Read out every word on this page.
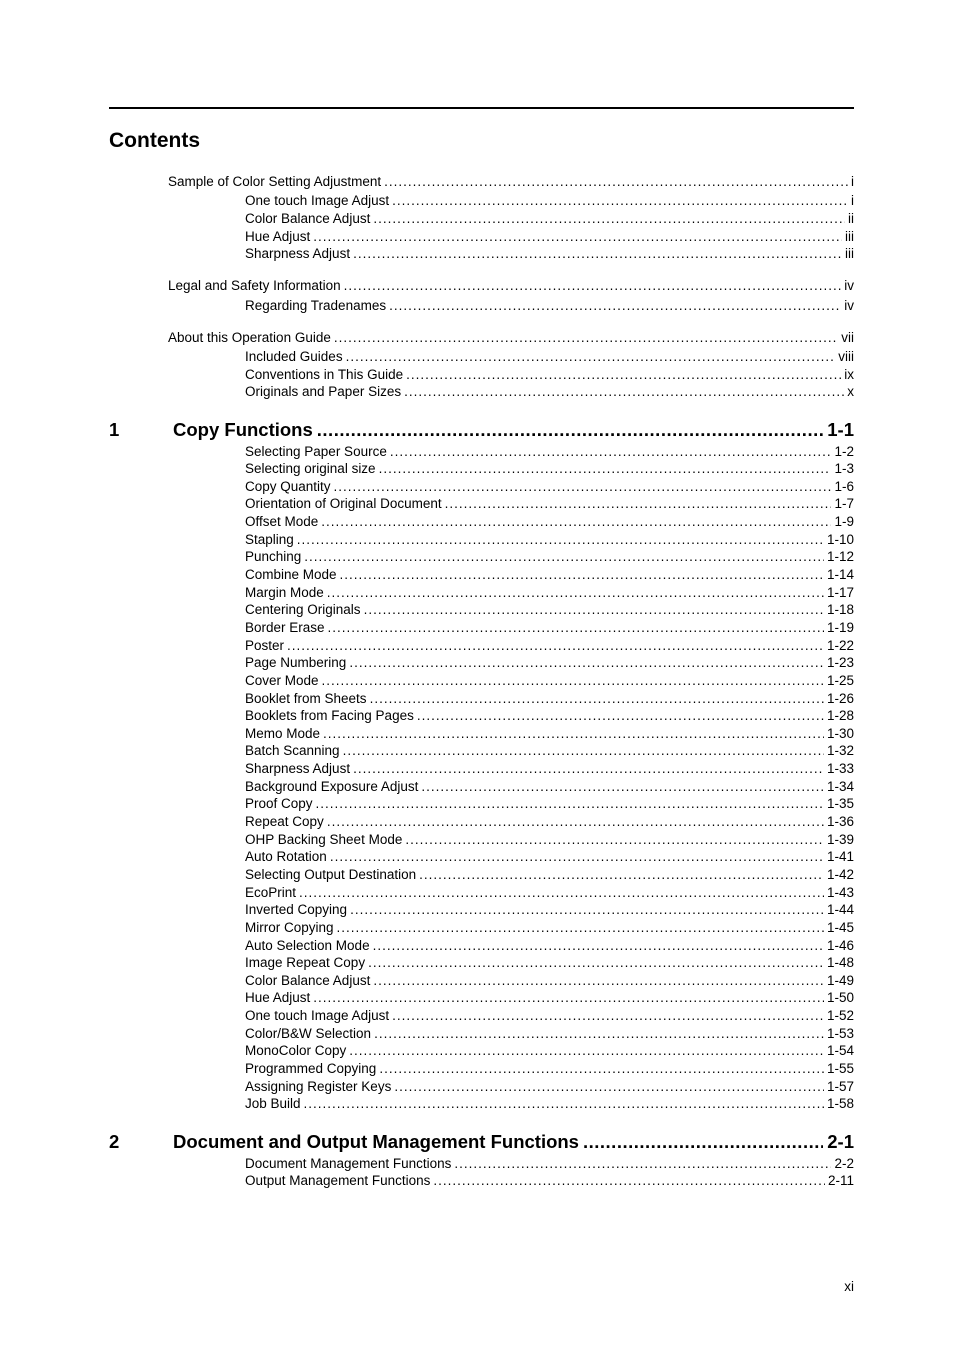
Contents
Sample of Color Setting Adjustment .....	i
One touch Image Adjust .....	i
Color Balance Adjust .....	ii
Hue Adjust .....	iii
Sharpness Adjust .....	iii
Legal and Safety Information .....	iv
Regarding Tradenames .....	iv
About this Operation Guide .....	vii
Included Guides .....	viii
Conventions in This Guide .....	ix
Originals and Paper Sizes .....	x
1	Copy Functions .....	1-1
Selecting Paper Source .....	1-2
Selecting original size .....	1-3
Copy Quantity .....	1-6
Orientation of Original Document .....	1-7
Offset Mode .....	1-9
Stapling .....	1-10
Punching .....	1-12
Combine Mode .....	1-14
Margin Mode .....	1-17
Centering Originals .....	1-18
Border Erase .....	1-19
Poster .....	1-22
Page Numbering .....	1-23
Cover Mode .....	1-25
Booklet from Sheets .....	1-26
Booklets from Facing Pages .....	1-28
Memo Mode .....	1-30
Batch Scanning .....	1-32
Sharpness Adjust .....	1-33
Background Exposure Adjust .....	1-34
Proof Copy .....	1-35
Repeat Copy .....	1-36
OHP Backing Sheet Mode .....	1-39
Auto Rotation .....	1-41
Selecting Output Destination .....	1-42
EcoPrint .....	1-43
Inverted Copying .....	1-44
Mirror Copying .....	1-45
Auto Selection Mode .....	1-46
Image Repeat Copy .....	1-48
Color Balance Adjust .....	1-49
Hue Adjust .....	1-50
One touch Image Adjust .....	1-52
Color/B&W Selection .....	1-53
MonoColor Copy .....	1-54
Programmed Copying .....	1-55
Assigning Register Keys .....	1-57
Job Build .....	1-58
2	Document and Output Management Functions .....	2-1
Document Management Functions .....	2-2
Output Management Functions .....	2-11
xi
